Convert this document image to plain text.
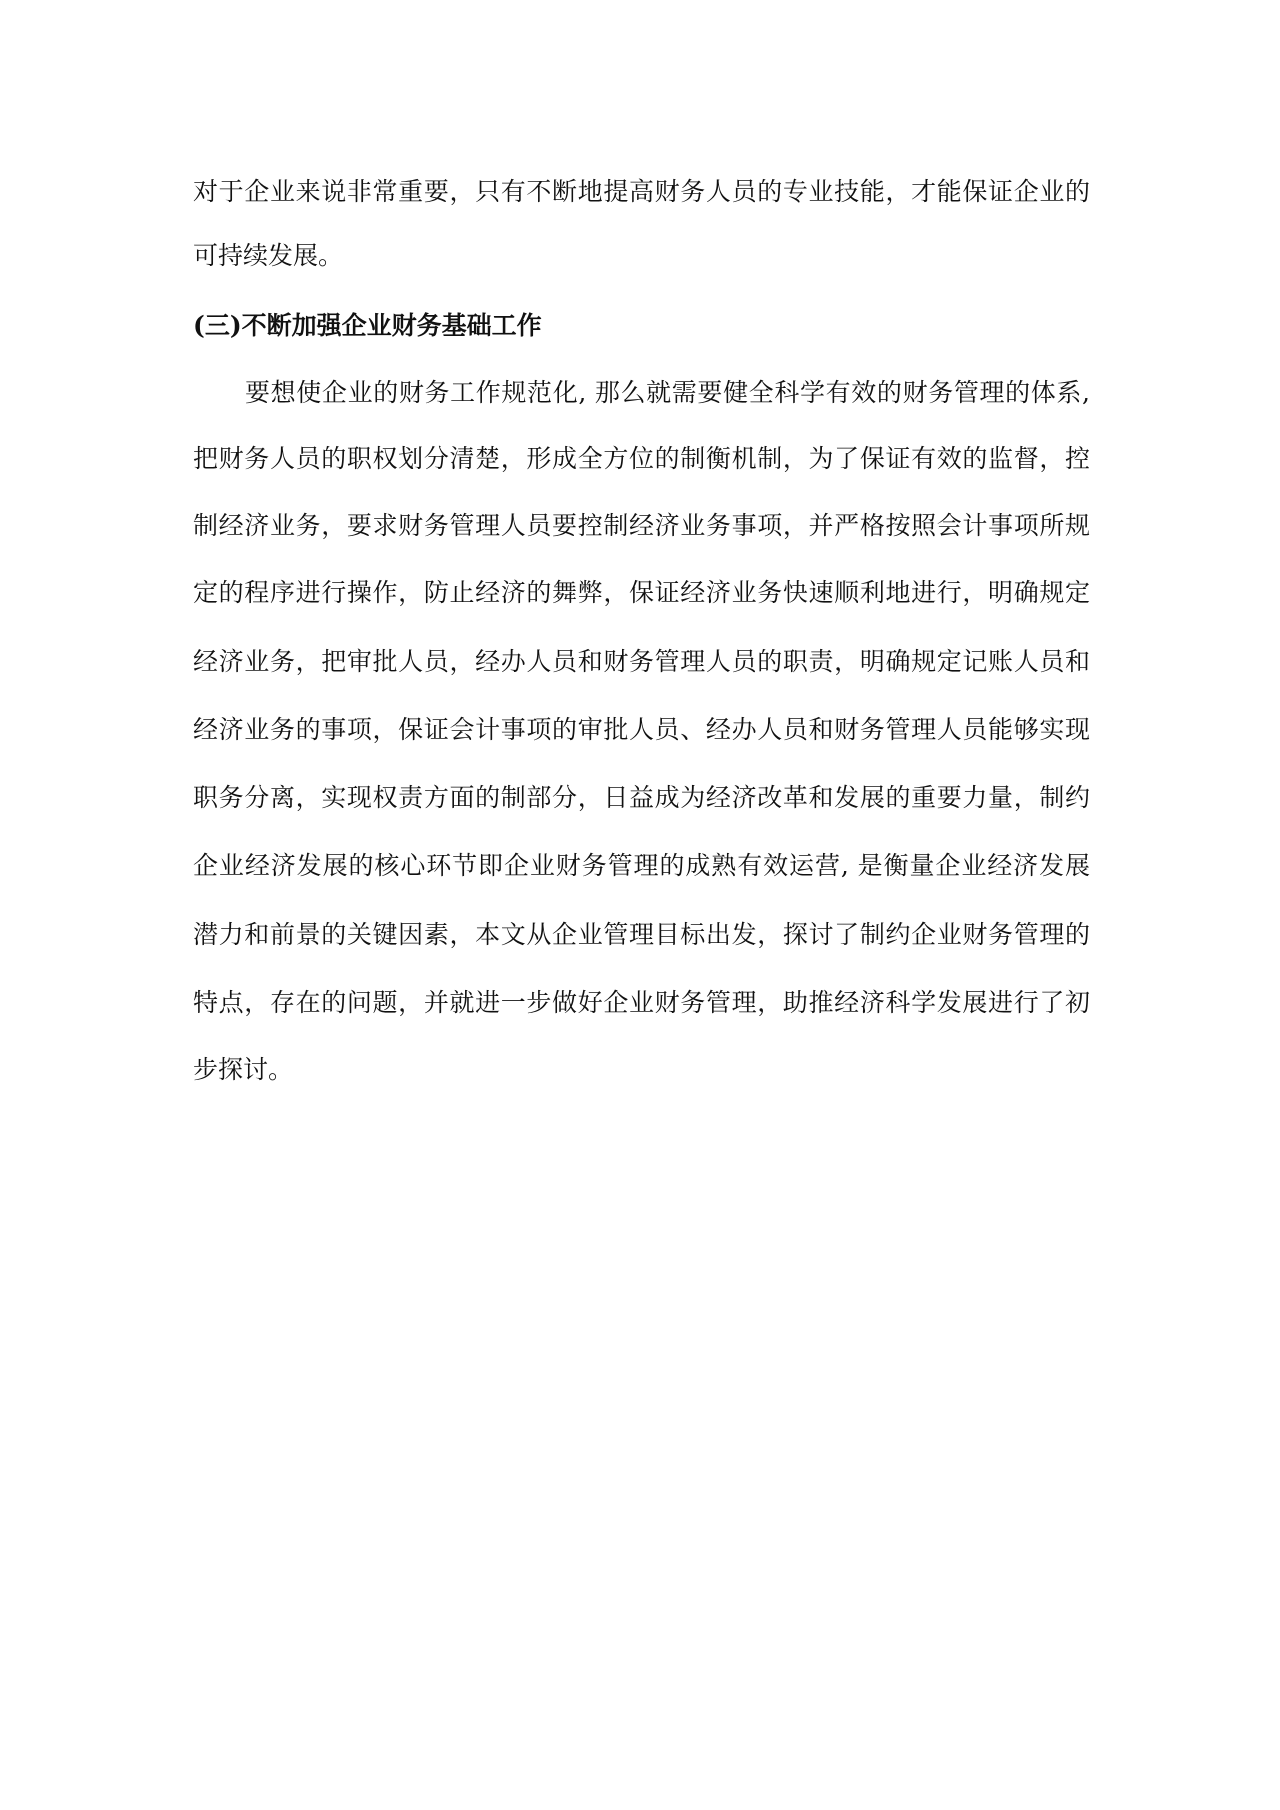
对于企业来说非常重要，只有不断地提高财务人员的专业技能，才能保证企业的
可持续发展。
(三)不断加强企业财务基础工作
要想使企业的财务工作规范化, 那么就需要健全科学有效的财务管理的体系,
把财务人员的职权划分清楚，形成全方位的制衡机制，为了保证有效的监督，控
制经济业务，要求财务管理人员要控制经济业务事项，并严格按照会计事项所规
定的程序进行操作，防止经济的舞弊，保证经济业务快速顺利地进行，明确规定
经济业务，把审批人员，经办人员和财务管理人员的职责，明确规定记账人员和
经济业务的事项，保证会计事项的审批人员、经办人员和财务管理人员能够实现
职务分离，实现权责方面的制部分，日益成为经济改革和发展的重要力量，制约
企业经济发展的核心环节即企业财务管理的成熟有效运营, 是衡量企业经济发展
潜力和前景的关键因素，本文从企业管理目标出发，探讨了制约企业财务管理的
特点，存在的问题，并就进一步做好企业财务管理，助推经济科学发展进行了初
步探讨。
